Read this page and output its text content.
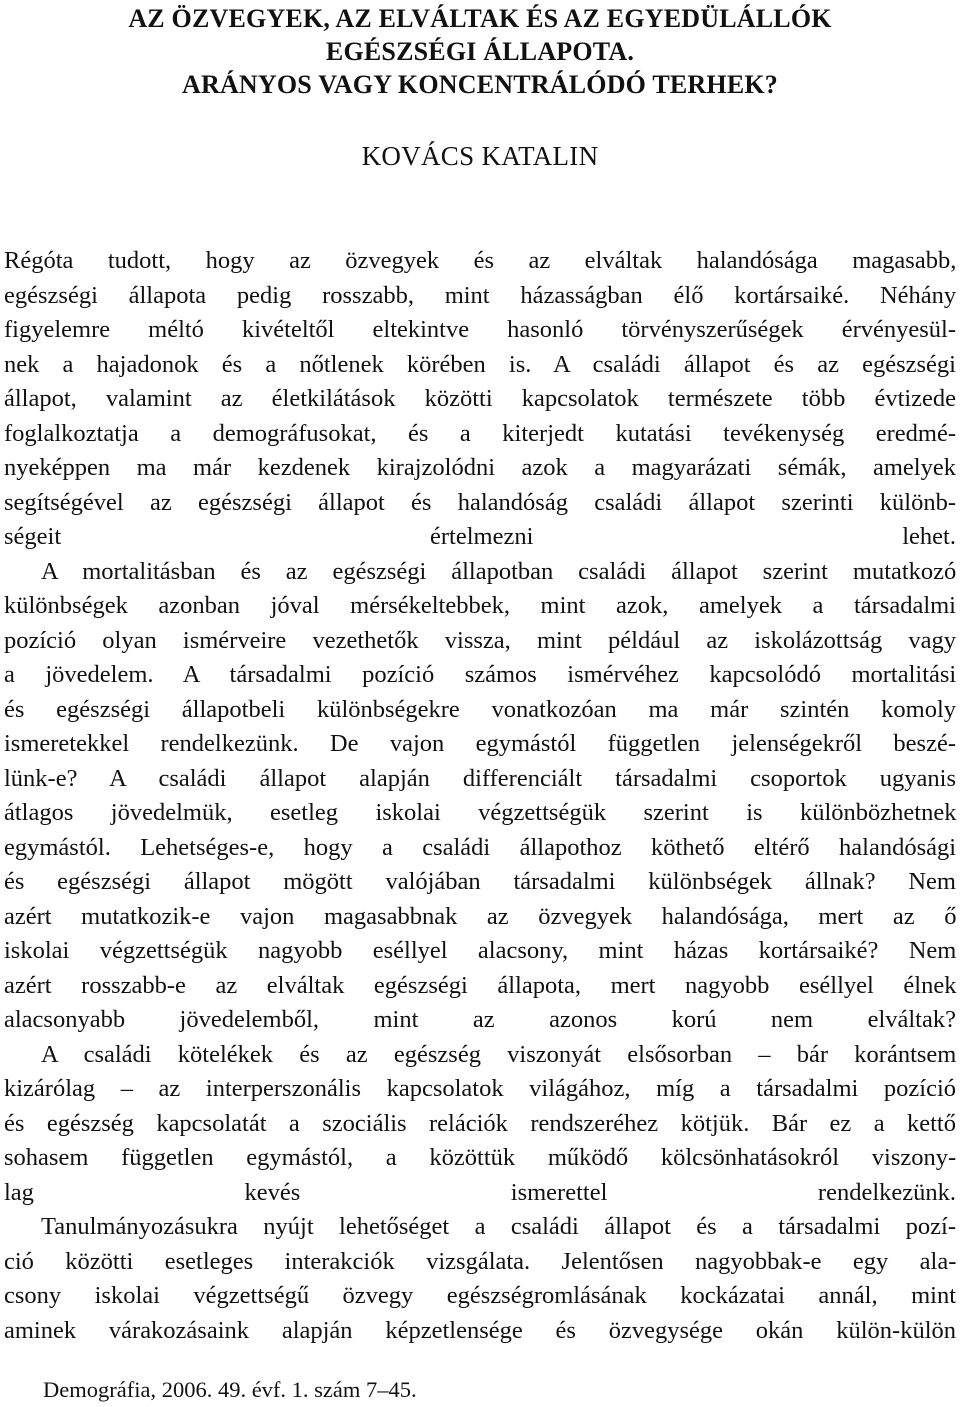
AZ ÖZVEGYEK, AZ ELVÁLTAK ÉS AZ EGYEDÜLÁLLÓK
EGÉSZSÉGI ÁLLAPOTA.
ARÁNYOS VAGY KONCENTRÁLÓDÓ TERHEK?
KOVÁCS KATALIN

Régóta tudott, hogy az özvegyek és az elváltak halandósága magasabb,
egészségi állapota pedig rosszabb, mint házasságban élő kortársaiké. Néhány
figyelemre méltó kivételtől eltekintve hasonló törvényszerűségek érvényesül-
nek a hajadonok és a nőtlenek körében is. A családi állapot és az egészségi
állapot, valamint az életkilátások közötti kapcsolatok természete több évtizede
foglalkoztatja a demográfusokat, és a kiterjedt kutatási tevékenység eredmé-
nyeképpen ma már kezdenek kirajzolódni azok a magyarázati sémák, amelyek
segítségével az egészségi állapot és halandóság családi állapot szerinti különb-
ségeit értelmezni lehet.

A mortalitásban és az egészségi állapotban családi állapot szerint mutatkozó
különbségek azonban jóval mérsékeltebbek, mint azok, amelyek a társadalmi
pozíció olyan ismérveire vezethetők vissza, mint például az iskolázottság vagy
a jövedelem. A társadalmi pozíció számos ismérvéhez kapcsolódó mortalitási
és egészségi állapotbeli különbségekre vonatkozóan ma már szintén komoly
ismeretekkel rendelkezünk. De vajon egymástól független jelenségekről beszé-
lünk-e? A családi állapot alapján differenciált társadalmi csoportok ugyanis
átlagos jövedelmük, esetleg iskolai végzettségük szerint is különbözhetnek
egymástól. Lehetséges-e, hogy a családi állapothoz köthető eltérő halandósági
és egészségi állapot mögött valójában társadalmi különbségek állnak? Nem
azért mutatkozik-e vajon magasabbnak az özvegyek halandósága, mert az ő
iskolai végzettségük nagyobb eséllyel alacsony, mint házas kortársaiké? Nem
azért rosszabb-e az elváltak egészségi állapota, mert nagyobb eséllyel élnek
alacsonyabb jövedelemből, mint az azonos korú nem elváltak?

A családi kötelékek és az egészség viszonyát elsősorban – bár korántsem
kizárólag – az interperszonális kapcsolatok világához, míg a társadalmi pozíció
és egészség kapcsolatát a szociális relációk rendszeréhez kötjük. Bár ez a kettő
sohasem független egymástól, a közöttük működő kölcsönhatásokról viszony-
lag kevés ismerettel rendelkezünk.

Tanulmányozásukra nyújt lehetőséget a családi állapot és a társadalmi pozí-
ció közötti esetleges interakciók vizsgálata. Jelentősen nagyobbak-e egy ala-
csony iskolai végzettségű özvegy egészségromlásának kockázatai annál, mint
aminek várakozásaink alapján képzetlensége és özvegysége okán külön-külön

Demográfia, 2006. 49. évf. 1. szám 7–45.
